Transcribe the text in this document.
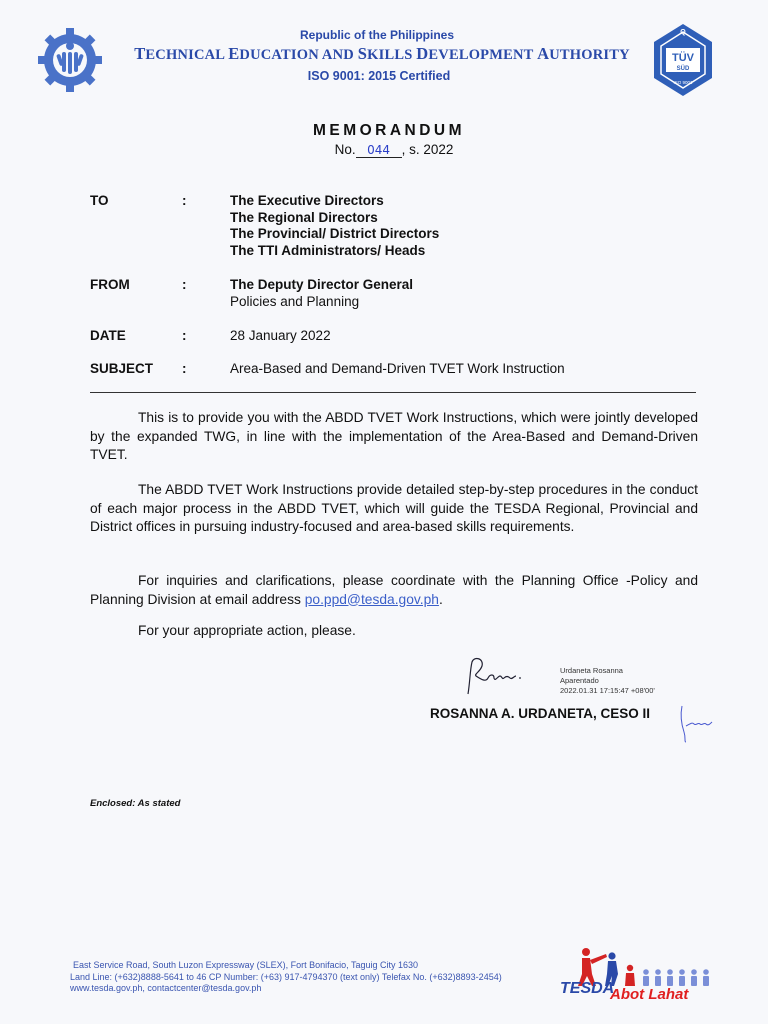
Republic of the Philippines
TECHNICAL EDUCATION AND SKILLS DEVELOPMENT AUTHORITY
ISO 9001: 2015 Certified
Q
TÜV
SÜD
ISO 9001
MEMORANDUM
No. 044 , s. 2022
TO	:	The Executive Directors
The Regional Directors
The Provincial/ District Directors
The TTI Administrators/ Heads
FROM	:	The Deputy Director General
Policies and Planning
DATE	:	28 January 2022
SUBJECT :	Area-Based and Demand-Driven TVET Work Instruction
This is to provide you with the ABDD TVET Work Instructions, which were jointly developed by the expanded TWG, in line with the implementation of the Area-Based and Demand-Driven TVET.
The ABDD TVET Work Instructions provide detailed step-by-step procedures in the conduct of each major process in the ABDD TVET, which will guide the TESDA Regional, Provincial and District offices in pursuing industry-focused and area-based skills requirements.
For inquiries and clarifications, please coordinate with the Planning Office -Policy and Planning Division at email address po.ppd@tesda.gov.ph.
For your appropriate action, please.
Urdaneta Rosanna
Aparentado
2022.01.31 17:15:47 +08'00'
ROSANNA A. URDANETA, CESO II
Enclosed: As stated
East Service Road, South Luzon Expressway (SLEX), Fort Bonifacio, Taguig City 1630
Land Line: (+632)8888-5641 to 46 CP Number: (+63) 917-4794370 (text only) Telefax No. (+632)8893-2454)
www.tesda.gov.ph, contactcenter@tesda.gov.ph	TESDA
Abot Lahat
